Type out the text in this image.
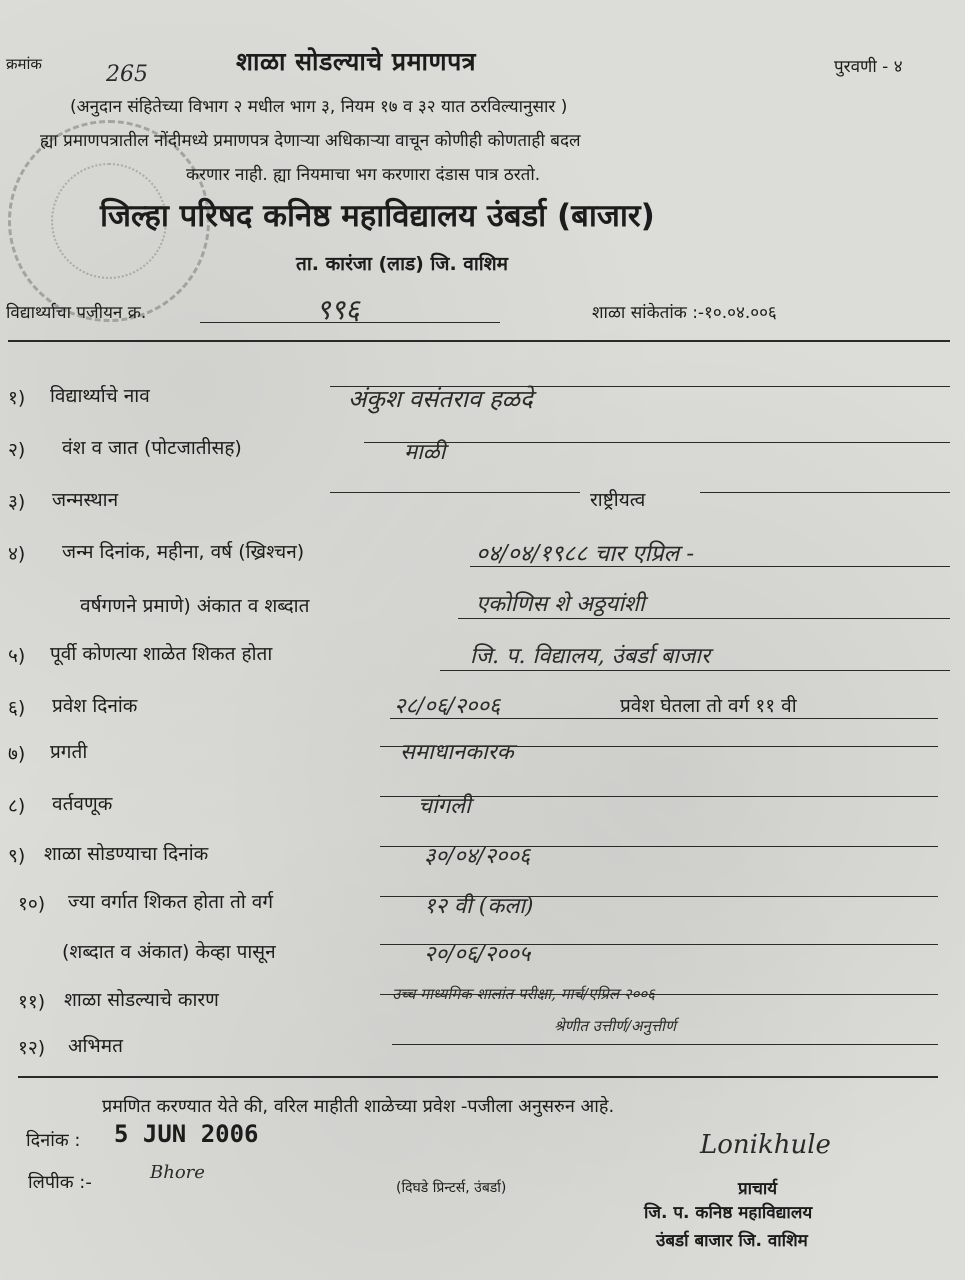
क्रमांक	265	शाळा सोडल्याचे प्रमाणपत्र	पुरवणी - ४
(अनुदान संहितेच्या विभाग २ मधील भाग ३, नियम १७ व ३२ यात ठरविल्यानुसार )
ह्या प्रमाणपत्रातील नोंदीमध्ये प्रमाणपत्र देणाऱ्या अधिकाऱ्या वाचून कोणीही कोणताही बदल
करणार नाही. ह्या नियमाचा भग करणारा दंडास पात्र ठरतो.
जिल्हा परिषद कनिष्ठ महाविद्यालय उंबर्डा (बाजार)
ता. कारंजा (लाड) जि. वाशिम
विद्यार्थ्याचा पजीयन क्र.	९९६	शाळा सांकेतांक :-१०.०४.००६
१) विद्यार्थ्याचे नाव	अंकुश वसंतराव हळदे
२) वंश व जात (पोटजातीसह)	माळी
३) जन्मस्थान	राष्ट्रीयत्व
४) जन्म दिनांक, महीना, वर्ष (ख्रिश्चन)	०४/०४/१९८८ चार एप्रिल -
वर्षगणने प्रमाणे) अंकात व शब्दात	एकोणिस शे अठ्ठयांशी
५) पूर्वी कोणत्या शाळेत शिकत होता	जि. प. विद्यालय, उंबर्डा बाजार
६) प्रवेश दिनांक	२८/०६/२००६	प्रवेश घेतला तो वर्ग ११ वी
७) प्रगती	समाधानकारक
८) वर्तवणूक	चांगली
९) शाळा सोडण्याचा दिनांक	३०/०४/२००६
१०) ज्या वर्गात शिकत होता तो वर्ग	१२ वी (कला)
(शब्दात व अंकात) केव्हा पासून	२०/०६/२००५
११) शाळा सोडल्याचे कारण	उच्च माध्यमिक शालांत परीक्षा, मार्च/एप्रिल २००६
श्रेणीत उत्तीर्ण/अनुत्तीर्ण
१२) अभिमत
प्रमणित करण्यात येते की, वरिल माहीती शाळेच्या प्रवेश -पजीला अनुसरुन आहे.
दिनांक : 5 JUN 2006
लिपीक :-	Bhore
(दिघडे प्रिन्टर्स, उंबर्डा)
Lonikhule
प्राचार्य
जि. प. कनिष्ठ महाविद्यालय
उंबर्डा बाजार जि. वाशिम
